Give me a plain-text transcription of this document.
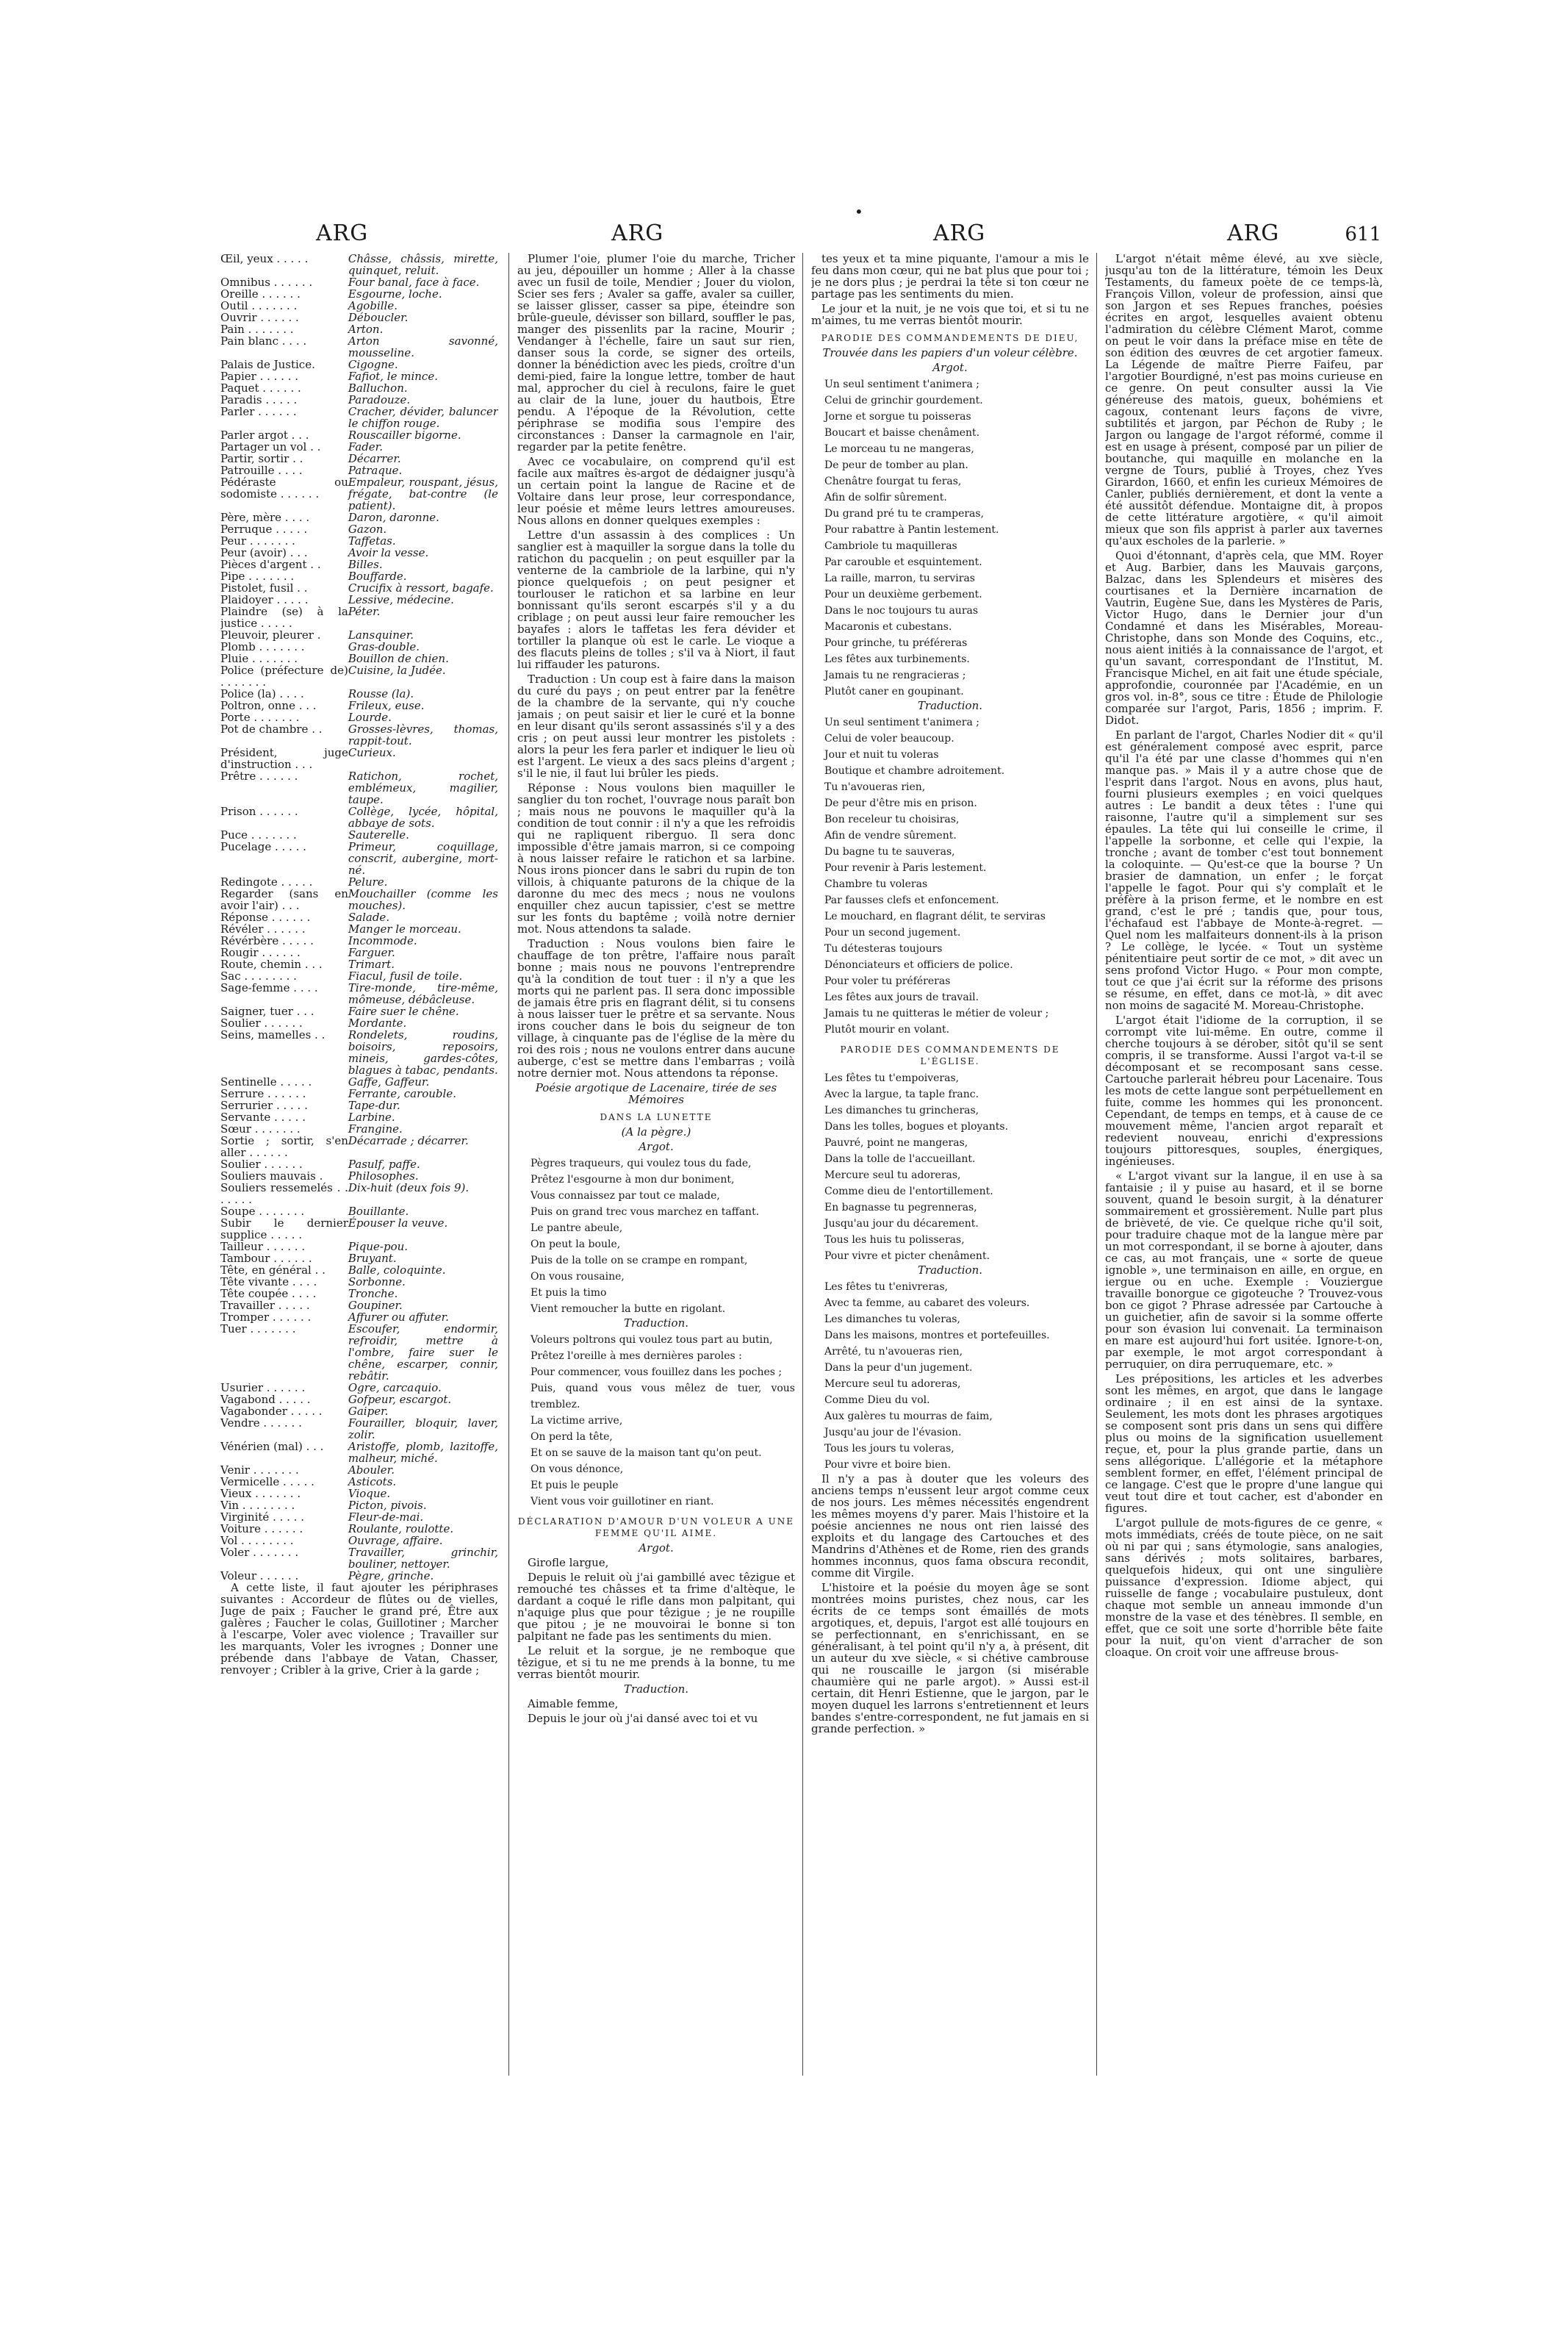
ARG	ARG	ARG	ARG	611
Œil, yeux . . . . .	Châsse, châssis, mirette, quinquet, reluit.
Omnibus . . . . . .	Four banal, face à face.
Oreille . . . . . .	Esgourne, loche.
Outil . . . . . . .	Agobille.
Ouvrir . . . . . .	Déboucler.
Pain . . . . . . .	Arton.
Pain blanc . . . .	Arton savonné, mousseline.
Palais de Justice.	Cigogne.
Papier . . . . . .	Fafiot, le mince.
Paquet . . . . . .	Balluchon.
Paradis . . . . .	Paradouze.
Parler . . . . . .	Cracher, dévider, baluncer le chiffon rouge.
Parler argot . . .	Rouscailler bigorne.
Partager un vol . .	Fader.
Partir, sortir . .	Décarrer.
Patrouille . . . .	Patraque.
Pédéraste ou sodomiste . . . . . .	Empaleur, rouspant, jésus, frégate, bat-contre (le patient).
Père, mère . . . .	Daron, daronne.
Perruque . . . . .	Gazon.
Peur . . . . . . .	Taffetas.
Peur (avoir) . . .	Avoir la vesse.
Pièces d'argent . .	Billes.
Pipe . . . . . . .	Bouffarde.
Pistolet, fusil . .	Crucifix à ressort, bagafe.
Plaidoyer . . . . .	Lessive, médecine.
Plaindre (se) à la justice . . . . .	Péter.
Pleuvoir, pleurer .	Lansquiner.
Plomb . . . . . . .	Gras-double.
Pluie . . . . . . .	Bouillon de chien.
Police (préfecture de) . . . . . . .	Cuisine, la Judée.
Police (la) . . . .	Rousse (la).
Poltron, onne . . .	Frileux, euse.
Porte . . . . . . .	Lourde.
Pot de chambre . .	Grosses-lèvres, thomas, rappit-tout.
Président, juge d'instruction . . .	Curieux.
Prêtre . . . . . .	Ratichon, rochet, emblémeux, magilier, taupe.
Prison . . . . . .	Collège, lycée, hôpital, abbaye de sots.
Puce . . . . . . .	Sauterelle.
Pucelage . . . . .	Primeur, coquillage, conscrit, aubergine, mort-né.
Redingote . . . . .	Pelure.
Regarder (sans en avoir l'air) . . .	Mouchailler (comme les mouches).
Réponse . . . . . .	Salade.
Révéler . . . . . .	Manger le morceau.
Révérbère . . . . .	Incommode.
Rougir . . . . . .	Farguer.
Route, chemin . . .	Trimart.
Sac . . . . . . . .	Fiacul, fusil de toile.
Sage-femme . . . .	Tire-monde, tire-même, mômeuse, débâcleuse.
Saigner, tuer . . .	Faire suer le chêne.
Soulier . . . . . .	Mordante.
Seins, mamelles . .	Rondelets, roudins, boisoirs, reposoirs, mineis, gardes-côtes, blagues à tabac, pendants.
Sentinelle . . . . .	Gaffe, Gaffeur.
Serrure . . . . . .	Ferrante, carouble.
Serrurier . . . . .	Tape-dur.
Servante . . . . .	Larbine.
Sœur . . . . . . .	Frangine.
Sortie ; sortir, s'en aller . . . . . .	Décarrade ; décarrer.
Soulier . . . . . .	Pasulf, paffe.
Souliers mauvais .	Philosophes.
Souliers ressemelés . . . . . . .	Dix-huit (deux fois 9).
Soupe . . . . . . .	Bouillante.
Subir le dernier supplice . . . . .	Épouser la veuve.
Tailleur . . . . . .	Pique-pou.
Tambour . . . . . .	Bruyant.
Tête, en général . .	Balle, coloquinte.
Tête vivante . . . .	Sorbonne.
Tête coupée . . . .	Tronche.
Travailler . . . . .	Goupiner.
Tromper . . . . . .	Affurer ou affuter.
Tuer . . . . . . .	Escoufer, endormir, refroidir, mettre à l'ombre, faire suer le chêne, escarper, connir, rebâtir.
Usurier . . . . . .	Ogre, carcaquio.
Vagabond . . . . .	Gofpeur, escargot.
Vagabonder . . . . .	Gaiper.
Vendre . . . . . .	Fourailler, bloquir, laver, zolir.
Vénérien (mal) . . .	Aristoffe, plomb, lazitoffe, malheur, miché.
Venir . . . . . . .	Abouler.
Vermicelle . . . . .	Asticots.
Vieux . . . . . . .	Vioque.
Vin . . . . . . . .	Picton, pivois.
Virginité . . . . .	Fleur-de-mai.
Voiture . . . . . .	Roulante, roulotte.
Vol . . . . . . . .	Ouvrage, affaire.
Voler . . . . . . .	Travailler, grinchir, bouliner, nettoyer.
Voleur . . . . . .	Pègre, grinche.

A cette liste, il faut ajouter les périphrases suivantes : Accordeur de flûtes ou de vielles, Juge de paix ; Faucher le grand pré, Être aux galères ; Faucher le colas, Guillotiner ; Marcher à l'escarpe, Voler avec violence ; Travailler sur les marquants, Voler les ivrognes ; Donner une prébende dans l'abbaye de Vatan, Chasser, renvoyer ; Cribler à la grive, Crier à la garde ;

Plumer l'oie, plumer l'oie du marche, Tricher au jeu, dépouiller un homme ; Aller à la chasse avec un fusil de toile, Mendier ; Jouer du violon, Scier ses fers ; Avaler sa gaffe, avaler sa cuiller, se laisser glisser, casser sa pipe, éteindre son brûle-gueule, dévisser son billard, souffler le pas, manger des pissenlits par la racine, Mourir ; Vendanger à l'échelle, faire un saut sur rien, danser sous la corde, se signer des orteils, donner la bénédiction avec les pieds, croître d'un demi-pied, faire la longue lettre, tomber de haut mal, approcher du ciel à reculons, faire le guet au clair de la lune, jouer du hautbois, Être pendu. A l'époque de la Révolution, cette périphrase se modifia sous l'empire des circonstances : Danser la carmagnole en l'air, regarder par la petite fenêtre.

Avec ce vocabulaire, on comprend qu'il est facile aux maîtres ès-argot de dédaigner jusqu'à un certain point la langue de Racine et de Voltaire dans leur prose, leur correspondance, leur poésie et même leurs lettres amoureuses. Nous allons en donner quelques exemples :

Lettre d'un assassin à des complices : Un sanglier est à maquiller la sorgue dans la tolle du ratichon du pacquelin ; on peut esquiller par la venterne de la cambriole de la larbine, qui n'y pionce quelquefois ; on peut pesigner et tourlouser le ratichon et sa larbine en leur bonnissant qu'ils seront escarpés s'il y a du criblage ; on peut aussi leur faire remoucher les bayafes : alors le taffetas les fera dévider et tortiller la planque où est le carle. Le vioque a des flacuts pleins de tolles ; s'il va à Niort, il faut lui riffauder les paturons.

Traduction : Un coup est à faire dans la maison du curé du pays ; on peut entrer par la fenêtre de la chambre de la servante, qui n'y couche jamais ; on peut saisir et lier le curé et la bonne en leur disant qu'ils seront assassinés s'il y a des cris ; on peut aussi leur montrer les pistolets : alors la peur les fera parler et indiquer le lieu où est l'argent. Le vieux a des sacs pleins d'argent ; s'il le nie, il faut lui brûler les pieds.

Réponse : Nous voulons bien maquiller le sanglier du ton rochet, l'ouvrage nous paraît bon ; mais nous ne pouvons le maquiller qu'à la condition de tout connir : il n'y a que les refroidis qui ne rapliquent riberguo. Il sera donc impossible d'être jamais marron, si ce compoing à nous laisser refaire le ratichon et sa larbine. Nous irons pioncer dans le sabri du rupin de ton villois, à chiquante paturons de la chique de la daronne du mec des mecs ; nous ne voulons enquiller chez aucun tapissier, c'est se mettre sur les fonts du baptême ; voilà notre dernier mot. Nous attendons ta salade.

Traduction : Nous voulons bien faire le chauffage de ton prêtre, l'affaire nous paraît bonne ; mais nous ne pouvons l'entreprendre qu'à la condition de tout tuer : il n'y a que les morts qui ne parlent pas. Il sera donc impossible de jamais être pris en flagrant délit, si tu consens à nous laisser tuer le prêtre et sa servante. Nous irons coucher dans le bois du seigneur de ton village, à cinquante pas de l'église de la mère du roi des rois ; nous ne voulons entrer dans aucune auberge, c'est se mettre dans l'embarras ; voilà notre dernier mot. Nous attendons ta réponse.

Poésie argotique de Lacenaire, tirée de ses Mémoires

DANS LA LUNETTE

(A la pègre.)

Argot.

Pègres traqueurs, qui voulez tous du fade,

Prêtez l'esgourne à mon dur boniment,

Vous connaissez par tout ce malade,

Puis on grand trec vous marchez en taffant.

Le pantre abeule,

On peut la boule,

Puis de la tolle on se crampe en rompant,

On vous rousaine,

Et puis la timo

Vient remoucher la butte en rigolant.

Traduction.

Voleurs poltrons qui voulez tous part au butin,

Prêtez l'oreille à mes dernières paroles :

Pour commencer, vous fouillez dans les poches ;

Puis, quand vous vous mêlez de tuer, vous tremblez.

La victime arrive,

On perd la tête,

Et on se sauve de la maison tant qu'on peut.

On vous dénonce,

Et puis le peuple

Vient vous voir guillotiner en riant.

DÉCLARATION D'AMOUR D'UN VOLEUR A UNE FEMME QU'IL AIME.

Argot.

Girofle largue,

Depuis le reluit où j'ai gambillé avec têzigue et remouché tes châsses et ta frime d'altèque, le dardant a coqué le rifle dans mon palpitant, qui n'aquige plus que pour têzigue ; je ne roupille que pitou ; je ne mouvoirai le bonne si ton palpitant ne fade pas les sentiments du mien.

Le reluit et la sorgue, je ne remboque que têzigue, et si tu ne me prends à la bonne, tu me verras bientôt mourir.

Traduction.

Aimable femme,

Depuis le jour où j'ai dansé avec toi et vu

tes yeux et ta mine piquante, l'amour a mis le feu dans mon cœur, qui ne bat plus que pour toi ; je ne dors plus ; je perdrai la tête si ton cœur ne partage pas les sentiments du mien.

Le jour et la nuit, je ne vois que toi, et si tu ne m'aimes, tu me verras bientôt mourir.

PARODIE DES COMMANDEMENTS DE DIEU,

Trouvée dans les papiers d'un voleur célèbre.

Argot.

Un seul sentiment t'animera ;

Celui de grinchir gourdement.

Jorne et sorgue tu poisseras

Boucart et baisse chenâment.

Le morceau tu ne mangeras,

De peur de tomber au plan.

Chenâtre fourgat tu feras,

Afin de solfir sûrement.

Du grand pré tu te cramperas,

Pour rabattre à Pantin lestement.

Cambriole tu maquilleras

Par carouble et esquintement.

La raille, marron, tu serviras

Pour un deuxième gerbement.

Dans le noc toujours tu auras

Macaronis et cubestans.

Pour grinche, tu préféreras

Les fêtes aux turbinements.

Jamais tu ne rengracieras ;

Plutôt caner en goupinant.

Traduction.

Un seul sentiment t'animera ;

Celui de voler beaucoup.

Jour et nuit tu voleras

Boutique et chambre adroitement.

Tu n'avoueras rien,

De peur d'être mis en prison.

Bon receleur tu choisiras,

Afin de vendre sûrement.

Du bagne tu te sauveras,

Pour revenir à Paris lestement.

Chambre tu voleras

Par fausses clefs et enfoncement.

Le mouchard, en flagrant délit, te serviras

Pour un second jugement.

Tu détesteras toujours

Dénonciateurs et officiers de police.

Pour voler tu préféreras

Les fêtes aux jours de travail.

Jamais tu ne quitteras le métier de voleur ;

Plutôt mourir en volant.

PARODIE DES COMMANDEMENTS DE L'ÉGLISE.

Les fêtes tu t'empoiveras,

Avec la largue, ta taple franc.

Les dimanches tu grincheras,

Dans les tolles, bogues et ployants.

Pauvré, point ne mangeras,

Dans la tolle de l'accueillant.

Mercure seul tu adoreras,

Comme dieu de l'entortillement.

En bagnasse tu pegrenneras,

Jusqu'au jour du décarement.

Tous les huis tu polisseras,

Pour vivre et picter chenâment.

Traduction.

Les fêtes tu t'enivreras,

Avec ta femme, au cabaret des voleurs.

Les dimanches tu voleras,

Dans les maisons, montres et portefeuilles.

Arrêté, tu n'avoueras rien,

Dans la peur d'un jugement.

Mercure seul tu adoreras,

Comme Dieu du vol.

Aux galères tu mourras de faim,

Jusqu'au jour de l'évasion.

Tous les jours tu voleras,

Pour vivre et boire bien.

Il n'y a pas à douter que les voleurs des anciens temps n'eussent leur argot comme ceux de nos jours. Les mêmes nécessités engendrent les mêmes moyens d'y parer. Mais l'histoire et la poésie anciennes ne nous ont rien laissé des exploits et du langage des Cartouches et des Mandrins d'Athènes et de Rome, rien des grands hommes inconnus, quos fama obscura recondit, comme dit Virgile.

L'histoire et la poésie du moyen âge se sont montrées moins puristes, chez nous, car les écrits de ce temps sont émaillés de mots argotiques, et, depuis, l'argot est allé toujours en se perfectionnant, en s'enrichissant, en se généralisant, à tel point qu'il n'y a, à présent, dit un auteur du xve siècle, « si chétive cambrouse qui ne rouscaille le jargon (si misérable chaumière qui ne parle argot). » Aussi est-il certain, dit Henri Estienne, que le jargon, par le moyen duquel les larrons s'entretiennent et leurs bandes s'entre-correspondent, ne fut jamais en si grande perfection. »

L'argot n'était même élevé, au xve siècle, jusqu'au ton de la littérature, témoin les Deux Testaments, du fameux poète de ce temps-là, François Villon, voleur de profession, ainsi que son Jargon et ses Repues franches, poésies écrites en argot, lesquelles avaient obtenu l'admiration du célèbre Clément Marot, comme on peut le voir dans la préface mise en tête de son édition des œuvres de cet argotier fameux. La Légende de maître Pierre Faifeu, par l'argotier Bourdigné, n'est pas moins curieuse en ce genre. On peut consulter aussi la Vie généreuse des matois, gueux, bohémiens et cagoux, contenant leurs façons de vivre, subtilités et jargon, par Péchon de Ruby ; le Jargon ou langage de l'argot réformé, comme il est en usage à présent, composé par un pilier de boutanche, qui maquille en molanche en la vergne de Tours, publié à Troyes, chez Yves Girardon, 1660, et enfin les curieux Mémoires de Canler, publiés dernièrement, et dont la vente a été aussitôt défendue. Montaigne dit, à propos de cette littérature argotière, « qu'il aimoit mieux que son fils apprist à parler aux tavernes qu'aux escholes de la parlerie. »

Quoi d'étonnant, d'après cela, que MM. Royer et Aug. Barbier, dans les Mauvais garçons, Balzac, dans les Splendeurs et misères des courtisanes et la Dernière incarnation de Vautrin, Eugène Sue, dans les Mystères de Paris, Victor Hugo, dans le Dernier jour d'un Condamné et dans les Misérables, Moreau-Christophe, dans son Monde des Coquins, etc., nous aient initiés à la connaissance de l'argot, et qu'un savant, correspondant de l'Institut, M. Francisque Michel, en ait fait une étude spéciale, approfondie, couronnée par l'Académie, en un gros vol. in-8°, sous ce titre : Étude de Philologie comparée sur l'argot, Paris, 1856 ; imprim. F. Didot.

En parlant de l'argot, Charles Nodier dit « qu'il est généralement composé avec esprit, parce qu'il l'a été par une classe d'hommes qui n'en manque pas. » Mais il y a autre chose que de l'esprit dans l'argot. Nous en avons, plus haut, fourni plusieurs exemples ; en voici quelques autres : Le bandit a deux têtes : l'une qui raisonne, l'autre qu'il a simplement sur ses épaules. La tête qui lui conseille le crime, il l'appelle la sorbonne, et celle qui l'expie, la tronche ; avant de tomber c'est tout bonnement la coloquinte. — Qu'est-ce que la bourse ? Un brasier de damnation, un enfer ; le forçat l'appelle le fagot. Pour qui s'y complaît et le préfère à la prison ferme, et le nombre en est grand, c'est le pré ; tandis que, pour tous, l'échafaud est l'abbaye de Monte-à-regret. — Quel nom les malfaiteurs donnent-ils à la prison ? Le collège, le lycée. « Tout un système pénitentiaire peut sortir de ce mot, » dit avec un sens profond Victor Hugo. « Pour mon compte, tout ce que j'ai écrit sur la réforme des prisons se résume, en effet, dans ce mot-là, » dit avec non moins de sagacité M. Moreau-Christophe.

L'argot était l'idiome de la corruption, il se corrompt vite lui-même. En outre, comme il cherche toujours à se dérober, sitôt qu'il se sent compris, il se transforme. Aussi l'argot va-t-il se décomposant et se recomposant sans cesse. Cartouche parlerait hébreu pour Lacenaire. Tous les mots de cette langue sont perpétuellement en fuite, comme les hommes qui les prononcent. Cependant, de temps en temps, et à cause de ce mouvement même, l'ancien argot reparaît et redevient nouveau, enrichi d'expressions toujours pittoresques, souples, énergiques, ingénieuses.

« L'argot vivant sur la langue, il en use à sa fantaisie ; il y puise au hasard, et il se borne souvent, quand le besoin surgit, à la dénaturer sommairement et grossièrement. Nulle part plus de brièveté, de vie. Ce quelque riche qu'il soit, pour traduire chaque mot de la langue mère par un mot correspondant, il se borne à ajouter, dans ce cas, au mot français, une « sorte de queue ignoble », une terminaison en aille, en orgue, en iergue ou en uche. Exemple : Vouziergue travaille bonorgue ce gigoteuche ? Trouvez-vous bon ce gigot ? Phrase adressée par Cartouche à un guichetier, afin de savoir si la somme offerte pour son évasion lui convenait. La terminaison en mare est aujourd'hui fort usitée. Ignore-t-on, par exemple, le mot argot correspondant à perruquier, on dira perruquemare, etc. »

Les prépositions, les articles et les adverbes sont les mêmes, en argot, que dans le langage ordinaire ; il en est ainsi de la syntaxe. Seulement, les mots dont les phrases argotiques se composent sont pris dans un sens qui diffère plus ou moins de la signification usuellement reçue, et, pour la plus grande partie, dans un sens allégorique. L'allégorie et la métaphore semblent former, en effet, l'élément principal de ce langage. C'est que le propre d'une langue qui veut tout dire et tout cacher, est d'abonder en figures.

L'argot pullule de mots-figures de ce genre, « mots immédiats, créés de toute pièce, on ne sait où ni par qui ; sans étymologie, sans analogies, sans dérivés ; mots solitaires, barbares, quelquefois hideux, qui ont une singulière puissance d'expression. Idiome abject, qui ruisselle de fange ; vocabulaire pustuleux, dont chaque mot semble un anneau immonde d'un monstre de la vase et des ténèbres. Il semble, en effet, que ce soit une sorte d'horrible bête faite pour la nuit, qu'on vient d'arracher de son cloaque. On croit voir une affreuse brous-

•
